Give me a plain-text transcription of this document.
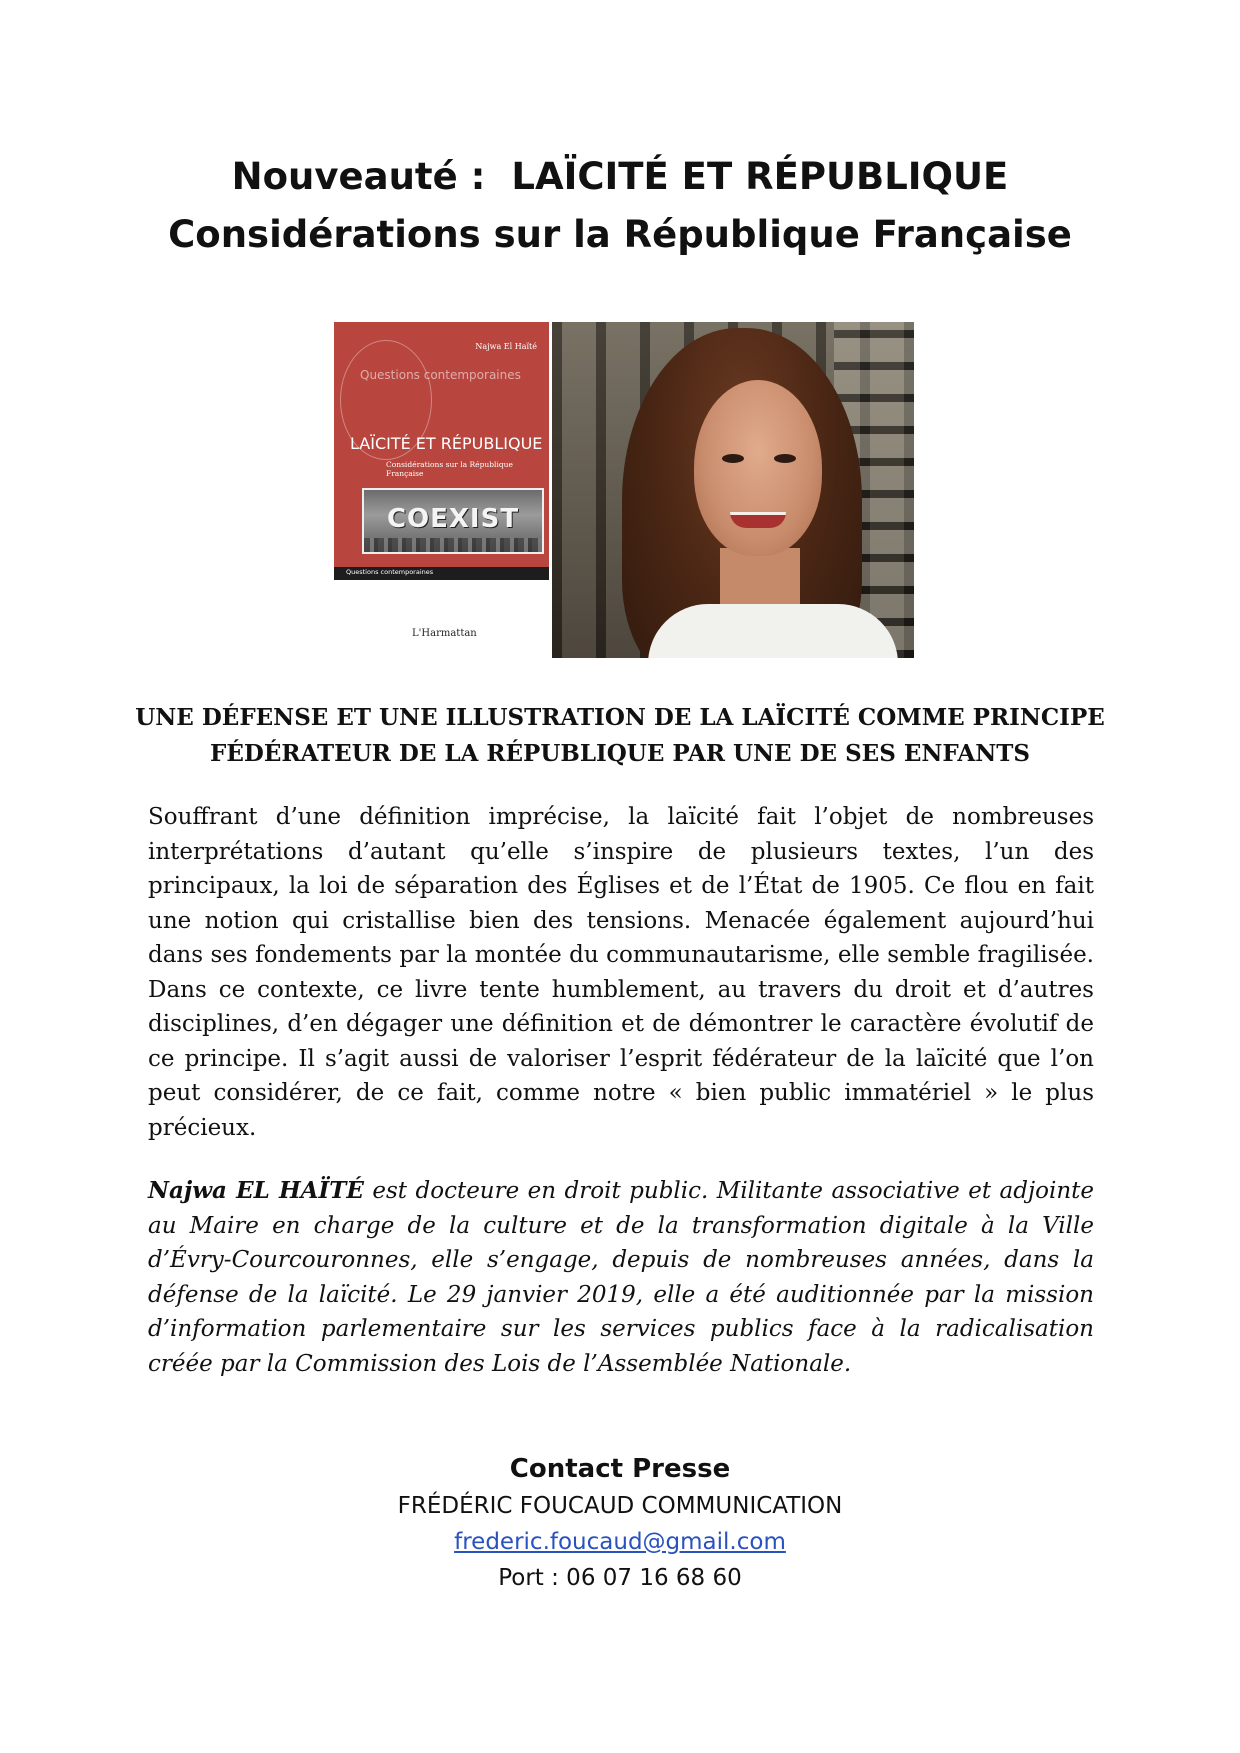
Nouveauté : LAÏCITÉ ET RÉPUBLIQUE
Considérations sur la République Française
Najwa El Haïté
Questions contemporaines
LAÏCITÉ ET RÉPUBLIQUE
Considérations sur la République Française
COEXIST
Questions contemporaines
L'Harmattan
UNE DÉFENSE ET UNE ILLUSTRATION DE LA LAÏCITÉ COMME PRINCIPE
FÉDÉRATEUR DE LA RÉPUBLIQUE PAR UNE DE SES ENFANTS

Souffrant d’une définition imprécise, la laïcité fait l’objet de nombreuses interprétations d’autant qu’elle s’inspire de plusieurs textes, l’un des principaux, la loi de séparation des Églises et de l’État de 1905. Ce flou en fait une notion qui cristallise bien des tensions. Menacée également aujourd’hui dans ses fondements par la montée du communautarisme, elle semble fragilisée. Dans ce contexte, ce livre tente humblement, au travers du droit et d’autres disciplines, d’en dégager une définition et de démontrer le caractère évolutif de ce principe. Il s’agit aussi de valoriser l’esprit fédérateur de la laïcité que l’on peut considérer, de ce fait, comme notre « bien public immatériel » le plus précieux.

Najwa EL HAÏTÉ est docteure en droit public. Militante associative et adjointe au Maire en charge de la culture et de la transformation digitale à la Ville d’Évry-Courcouronnes, elle s’engage, depuis de nombreuses années, dans la défense de la laïcité. Le 29 janvier 2019, elle a été auditionnée par la mission d’information parlementaire sur les services publics face à la radicalisation créée par la Commission des Lois de l’Assemblée Nationale.

Contact Presse
FRÉDÉRIC FOUCAUD COMMUNICATION
frederic.foucaud@gmail.com
Port : 06 07 16 68 60
